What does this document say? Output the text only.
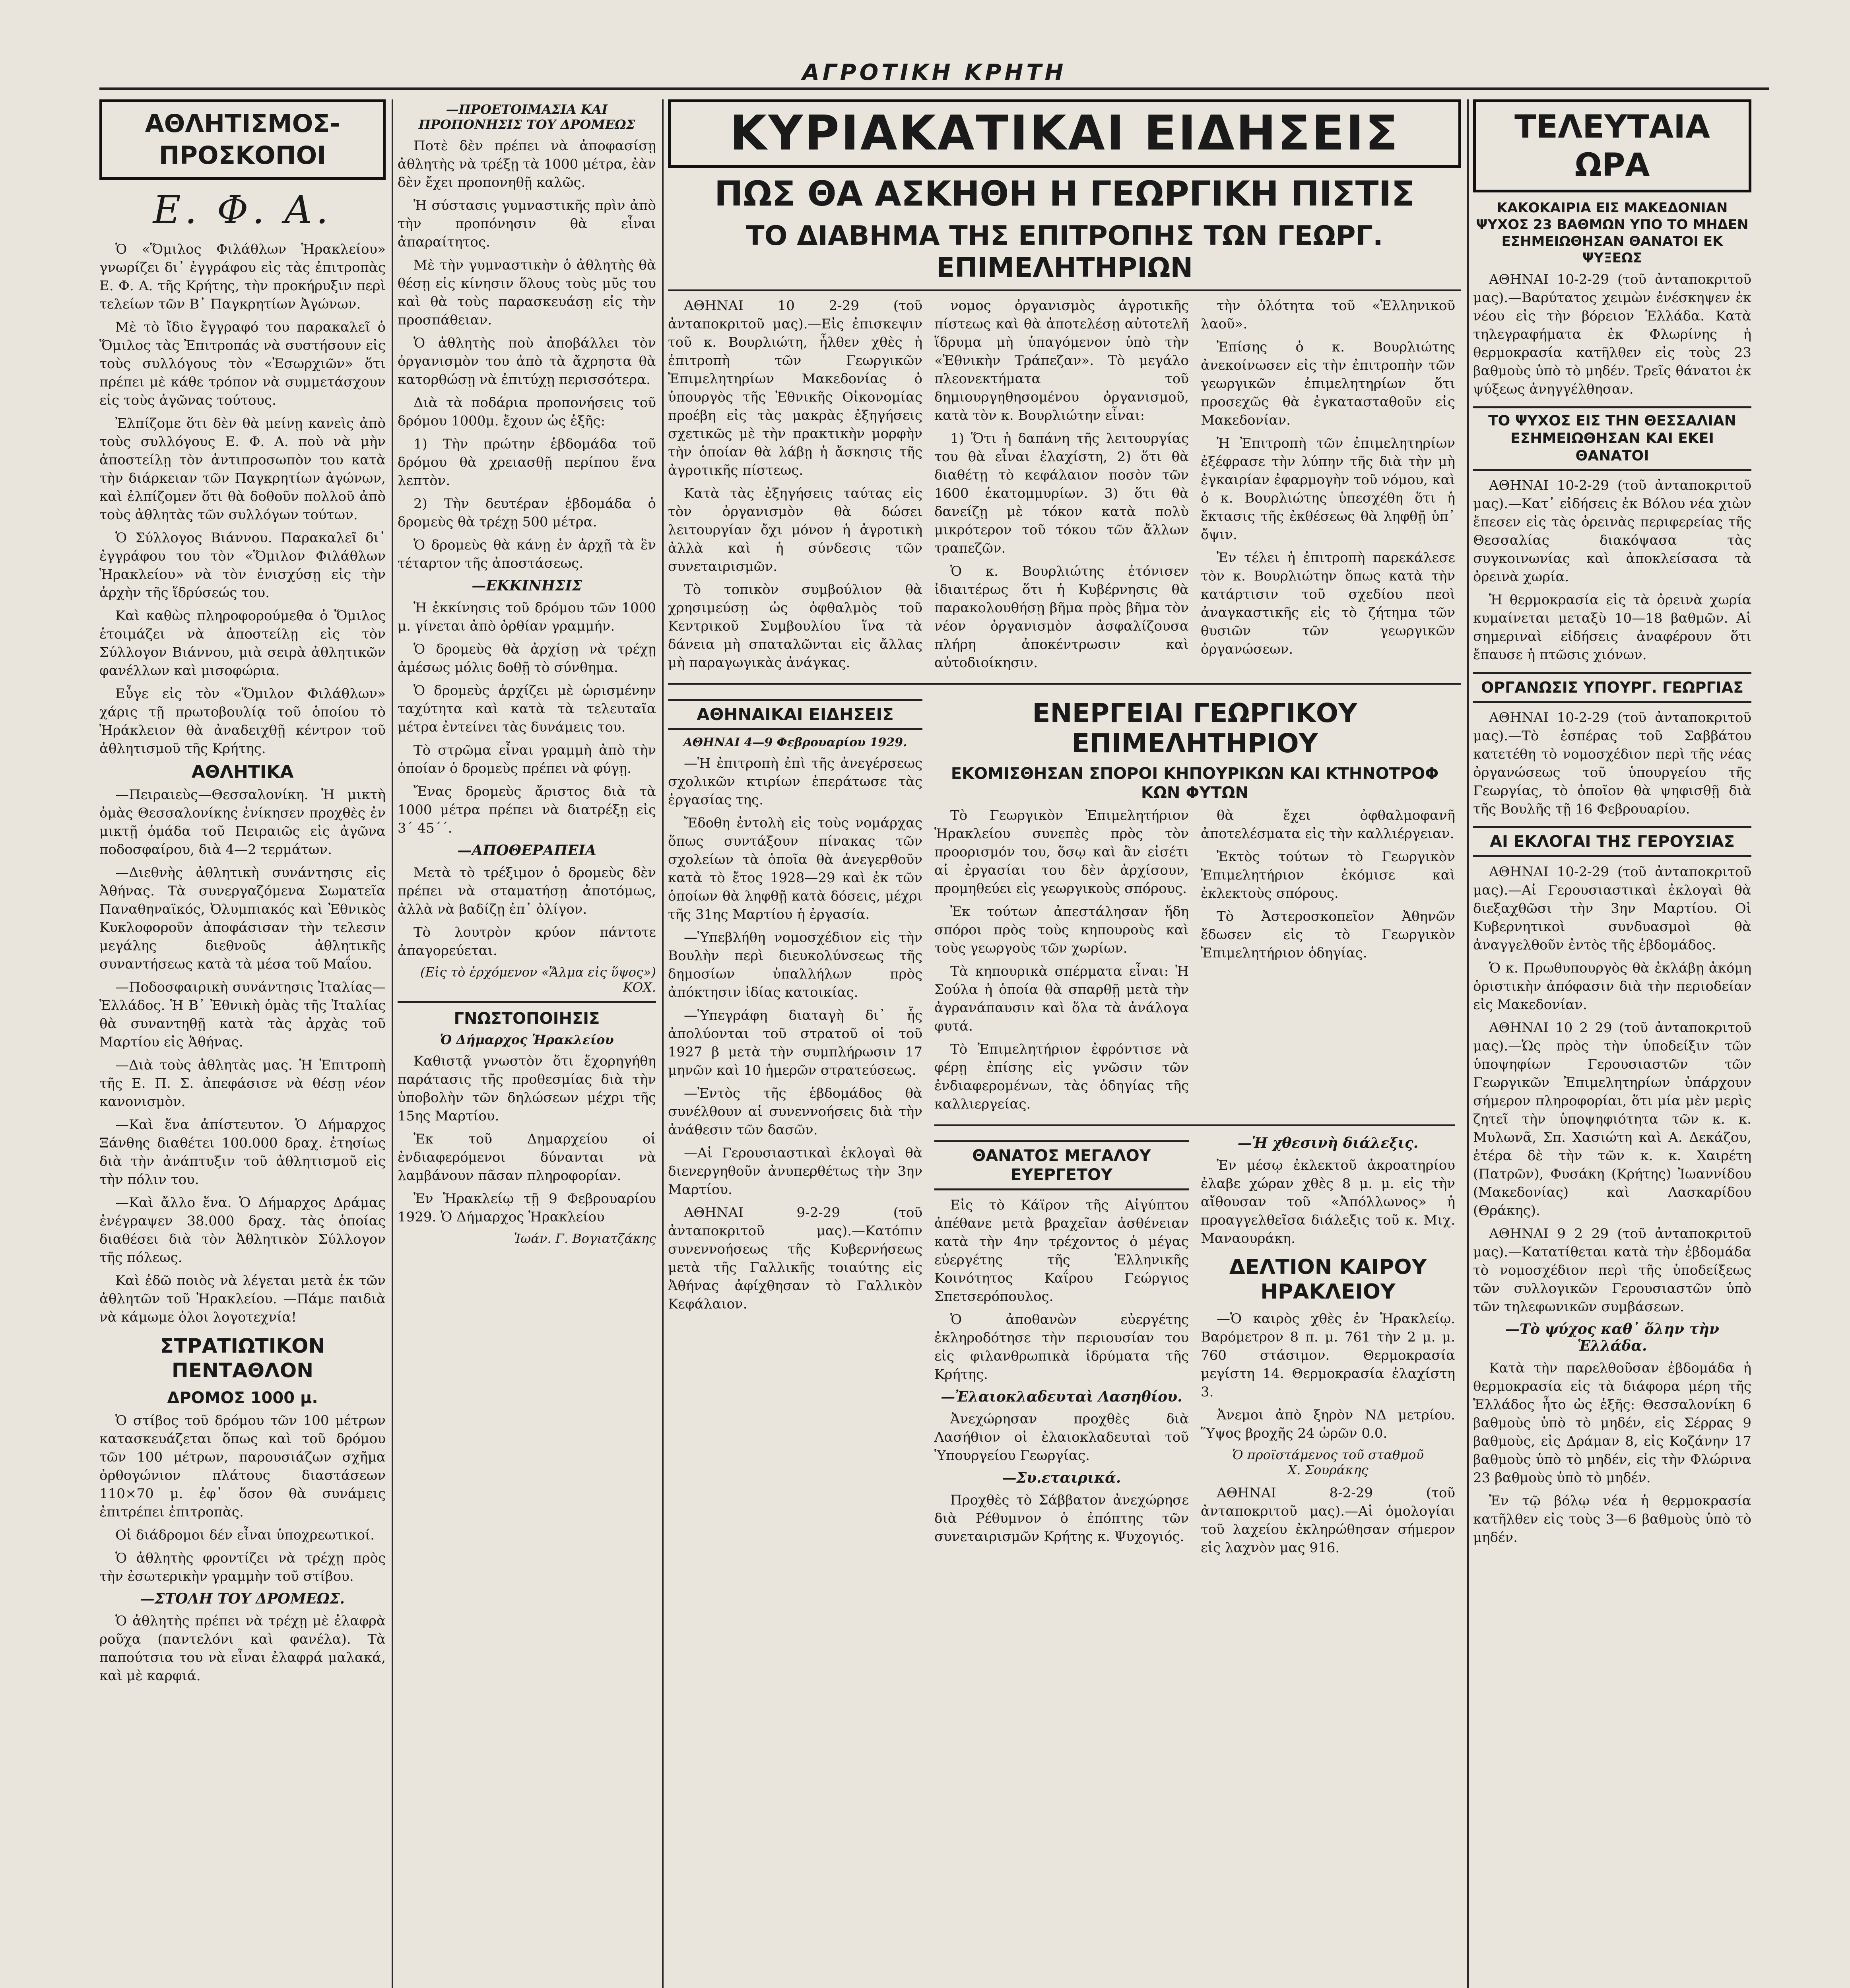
ΑΓΡΟΤΙΚΗ ΚΡΗΤΗ
ΑΘΛΗΤΙΣΜΟΣ-ΠΡΟΣΚΟΠΟΙ
Ε. Φ. Α.

Ὁ «Ὅμιλος Φιλάθλων Ἡρακλείου» γνωρίζει δι᾽ ἐγγράφου εἰς τὰς ἐπιτροπὰς Ε. Φ. Α. τῆς Κρήτης, τὴν προκήρυξιν περὶ τελείων τῶν Β᾽ Παγκρητίων Ἀγώνων.

Μὲ τὸ ἴδιο ἔγγραφό του παρακαλεῖ ὁ Ὅμιλος τὰς Ἐπιτροπάς νὰ συστήσουν εἰς τοὺς συλλόγους τὸν «Ἐσωρχιῶν» ὅτι πρέπει μὲ κάθε τρόπον νὰ συμμετάσχουν εἰς τοὺς ἀγῶνας τούτους.

Ἐλπίζομε ὅτι δὲν θὰ μείνῃ κανεὶς ἀπὸ τοὺς συλλόγους Ε. Φ. Α. ποὺ νὰ μὴν ἀποστείλῃ τὸν ἀντιπροσωπὸν του κατὰ τὴν διάρκειαν τῶν Παγκρητίων ἀγώνων, καὶ ἐλπίζομεν ὅτι θὰ δοθοῦν πολλοῦ ἀπὸ τοὺς ἀθλητὰς τῶν συλλόγων τούτων.

Ὁ Σύλλογος Βιάννου. Παρακαλεῖ δι᾽ ἐγγράφου του τὸν «Ὅμιλον Φιλάθλων Ἡρακλείου» νὰ τὸν ἐνισχύσῃ εἰς τὴν ἀρχὴν τῆς ἵδρύσεώς του.

Καὶ καθὼς πληροφορούμεθα ὁ Ὅμιλος ἑτοιμάζει νὰ ἀποστείλῃ εἰς τὸν Σύλλογον Βιάννου, μιὰ σειρὰ ἀθλητικῶν φανέλλων καὶ μισοφώρια.

Εὖγε εἰς τὸν «Ὅμιλον Φιλάθλων» χάρις τῇ πρωτοβουλίᾳ τοῦ ὁποίου τὸ Ἡράκλειον θὰ ἀναδειχθῇ κέντρον τοῦ ἀθλητισμοῦ τῆς Κρήτης.

ΑΘΛΗΤΙΚΑ

—Πειραιεὺς—Θεσσαλονίκη. Ἡ μικτὴ ὁμὰς Θεσσαλονίκης ἐνίκησεν προχθὲς ἐν μικτῇ ὁμάδα τοῦ Πειραιῶς εἰς ἀγῶνα ποδοσφαίρου, διὰ 4—2 τερμάτων.

—Διεθνὴς ἀθλητικὴ συνάντησις εἰς Ἀθήνας. Τὰ συνεργαζόμενα Σωματεῖα Παναθηναϊκός, Ὀλυμπιακός καὶ Ἐθνικὸς Κυκλοφοροῦν ἀποφάσισαν τὴν τελεσιν μεγάλης διεθνοῦς ἀθλητικῆς συναντήσεως κατὰ τὰ μέσα τοῦ Μαΐου.

—Ποδοσφαιρικὴ συνάντησις Ἰταλίας—Ἑλλάδος. Ἡ Β᾽ Ἐθνικὴ ὁμὰς τῆς Ἰταλίας θὰ συναντηθῇ κατὰ τὰς ἀρχὰς τοῦ Μαρτίου εἰς Ἀθήνας.

—Διὰ τοὺς ἀθλητὰς μας. Ἡ Ἐπιτροπὴ τῆς Ε. Π. Σ. ἀπεφάσισε νὰ θέσῃ νέον κανονισμὸν.

—Καὶ ἕνα ἀπίστευτον. Ὁ Δήμαρχος Ξάνθης διαθέτει 100.000 δραχ. ἐτησίως διὰ τὴν ἀνάπτυξιν τοῦ ἀθλητισμοῦ εἰς τὴν πόλιν του.

—Καὶ ἄλλο ἕνα. Ὁ Δήμαρχος Δράμας ἐνέγραψεν 38.000 δραχ. τὰς ὁποίας διαθέσει διὰ τὸν Ἀθλητικὸν Σύλλογον τῆς πόλεως.

Καὶ ἐδῶ ποιὸς νὰ λέγεται μετὰ ἐκ τῶν ἀθλητῶν τοῦ Ἡρακλείου. —Πάμε παιδιὰ νὰ κάμωμε ὁλοι λογοτεχνία!

ΣΤΡΑΤΙΩΤΙΚΟΝ ΠΕΝΤΑΘΛΟΝ
ΔΡΟΜΟΣ 1000 μ.

Ὁ στίβος τοῦ δρόμου τῶν 100 μέτρων κατασκευάζεται ὅπως καὶ τοῦ δρόμου τῶν 100 μέτρων, παρουσιάζων σχῆμα ὀρθογώνιον πλάτους διαστάσεων 110×70 μ. ἐφ᾽ ὅσον θὰ συνάμεις ἐπιτρέπει ἐπιτροπὰς.

Οἱ διάδρομοι δέν εἶναι ὑποχρεωτικοί.

Ὁ ἀθλητὴς φροντίζει νὰ τρέχῃ πρὸς τὴν ἐσωτερικὴν γραμμὴν τοῦ στίβου.

—ΣΤΟΛΗ ΤΟΥ ΔΡΟΜΕΩΣ.

Ὁ ἀθλητὴς πρέπει νὰ τρέχῃ μὲ ἐλαφρὰ ροῦχα (παντελόνι καὶ φανέλα). Τὰ παπούτσια του νὰ εἶναι ἐλαφρά μαλακά, καὶ μὲ καρφιά.

—ΠΡΟΕΤΟΙΜΑΣΙΑ ΚΑΙ ΠΡΟΠΟΝΗΣΙΣ ΤΟΥ ΔΡΟΜΕΩΣ

Ποτὲ δὲν πρέπει νὰ ἀποφασίσῃ ἀθλητὴς νὰ τρέξῃ τὰ 1000 μέτρα, ἐὰν δὲν ἔχει προπονηθῇ καλῶς.

Ἡ σύστασις γυμναστικῆς πρὶν ἀπὸ τὴν προπόνησιν θὰ εἶναι ἀπαραίτητος.

Μὲ τὴν γυμναστικὴν ὁ ἀθλητὴς θὰ θέσῃ εἰς κίνησιν ὅλους τοὺς μῦς του καὶ θὰ τοὺς παρασκευάσῃ εἰς τὴν προσπάθειαν.

Ὁ ἀθλητὴς ποὺ ἀποβάλλει τὸν ὀργανισμὸν του ἀπὸ τὰ ἄχρηστα θὰ κατορθώσῃ νὰ ἐπιτύχῃ περισσότερα.

Διὰ τὰ ποδάρια προπονήσεις τοῦ δρόμου 1000μ. ἔχουν ὡς ἑξῆς:

1) Τὴν πρώτην ἑβδομάδα τοῦ δρόμου θὰ χρειασθῇ περίπου ἕνα λεπτὸν.

2) Τὴν δευτέραν ἑβδομάδα ὁ δρομεὺς θὰ τρέχῃ 500 μέτρα.

Ὁ δρομεὺς θὰ κάνῃ ἐν ἀρχῇ τὰ ἓν τέταρτον τῆς ἀποστάσεως.

—ΕΚΚΙΝΗΣΙΣ

Ἡ ἐκκίνησις τοῦ δρόμου τῶν 1000 μ. γίνεται ἀπὸ ὀρθίαν γραμμήν.

Ὁ δρομεὺς θὰ ἀρχίσῃ νὰ τρέχῃ ἀμέσως μόλις δοθῇ τὸ σύνθημα.

Ὁ δρομεὺς ἀρχίζει μὲ ὡρισμένην ταχύτητα καὶ κατὰ τὰ τελευταῖα μέτρα ἐντείνει τὰς δυνάμεις του.

Τὸ στρῶμα εἶναι γραμμὴ ἀπὸ τὴν ὁποίαν ὁ δρομεὺς πρέπει νὰ φύγῃ.

Ἔνας δρομεὺς ἄριστος διὰ τὰ 1000 μέτρα πρέπει νὰ διατρέξῃ εἰς 3΄ 45΄΄.

—ΑΠΟΘΕΡΑΠΕΙΑ

Μετὰ τὸ τρέξιμον ὁ δρομεὺς δὲν πρέπει νὰ σταματήσῃ ἀποτόμως, ἀλλὰ νὰ βαδίζῃ ἐπ᾽ ὀλίγον.

Τὸ λουτρὸν κρύον πάντοτε ἀπαγορεύεται.

(Εἰς τὸ ἐρχόμενον «Ἅλμα εἰς ὕψος») ΚΟΧ.
ΓΝΩΣΤΟΠΟΙΗΣΙΣ
Ὁ Δήμαρχος Ἡρακλείου

Καθιστᾷ γνωστὸν ὅτι ἔχορηγήθη παράτασις τῆς προθεσμίας διὰ τὴν ὑποβολὴν τῶν δηλώσεων μέχρι τῆς 15ης Μαρτίου.

Ἐκ τοῦ Δημαρχείου οἱ ἐνδιαφερόμενοι δύνανται νὰ λαμβάνουν πᾶσαν πληροφορίαν.

Ἐν Ἡρακλείῳ τῇ 9 Φεβρουαρίου 1929. Ὁ Δήμαρχος Ἡρακλείου

Ἰωάν. Γ. Βογιατζάκης
ΚΥΡΙΑΚΑΤΙΚΑΙ ΕΙΔΗΣΕΙΣ
ΠΩΣ ΘΑ ΑΣΚΗΘΗ Η ΓΕΩΡΓΙΚΗ ΠΙΣΤΙΣ
ΤΟ ΔΙΑΒΗΜΑ ΤΗΣ ΕΠΙΤΡΟΠΗΣ ΤΩΝ ΓΕΩΡΓ. ΕΠΙΜΕΛΗΤΗΡΙΩΝ

ΑΘΗΝΑΙ 10 2-29 (τοῦ ἀνταποκριτοῦ μας).—Εἰς ἐπισκεψιν τοῦ κ. Βουρλιώτη, ἦλθεν χθὲς ἡ ἐπιτροπὴ τῶν Γεωργικῶν Ἐπιμελητηρίων Μακεδονίας ὁ ὑπουργὸς τῆς Ἐθνικῆς Οἰκονομίας προέβη εἰς τὰς μακρὰς ἐξηγήσεις σχετικῶς μὲ τὴν πρακτικὴν μορφὴν τὴν ὁποίαν θὰ λάβῃ ἡ ἄσκησις τῆς ἀγροτικῆς πίστεως.

Κατὰ τὰς ἐξηγήσεις ταύτας εἰς τὸν ὀργανισμὸν θὰ δώσει λειτουργίαν ὄχι μόνον ἡ ἀγροτικὴ ἀλλὰ καὶ ἡ σύνδεσις τῶν συνεταιρισμῶν.

Τὸ τοπικὸν συμβούλιον θὰ χρησιμεύσῃ ὡς ὀφθαλμὸς τοῦ Κεντρικοῦ Συμβουλίου ἵνα τὰ δάνεια μὴ σπαταλῶνται εἰς ἄλλας μὴ παραγωγικὰς ἀνάγκας.

νομος ὀργανισμὸς ἀγροτικῆς πίστεως καὶ θὰ ἀποτελέσῃ αὐτοτελῆ ἵδρυμα μὴ ὑπαγόμενον ὑπὸ τὴν «Ἐθνικὴν Τράπεζαν». Τὸ μεγάλο πλεονεκτήματα τοῦ δημιουργηθησομένου ὀργανισμοῦ, κατὰ τὸν κ. Βουρλιώτην εἶναι:

1) Ὅτι ἡ δαπάνη τῆς λειτουργίας του θὰ εἶναι ἐλαχίστη, 2) ὅτι θὰ διαθέτῃ τὸ κεφάλαιον ποσὸν τῶν 1600 ἑκατομμυρίων. 3) ὅτι θὰ δανείζῃ μὲ τόκον κατὰ πολὺ μικρότερον τοῦ τόκου τῶν ἄλλων τραπεζῶν.

Ὁ κ. Βουρλιώτης ἐτόνισεν ἰδιαιτέρως ὅτι ἡ Κυβέρνησις θὰ παρακολουθήσῃ βῆμα πρὸς βῆμα τὸν νέον ὀργανισμὸν ἀσφαλίζουσα πλήρη ἀποκέντρωσιν καὶ αὐτοδιοίκησιν.

τὴν ὁλότητα τοῦ «Ἑλληνικοῦ λαοῦ».

Ἐπίσης ὁ κ. Βουρλιώτης ἀνεκοίνωσεν εἰς τὴν ἐπιτροπὴν τῶν γεωργικῶν ἐπιμελητηρίων ὅτι προσεχῶς θὰ ἐγκατασταθοῦν εἰς Μακεδονίαν.

Ἡ Ἐπιτροπὴ τῶν ἐπιμελητηρίων ἐξέφρασε τὴν λύπην τῆς διὰ τὴν μὴ ἐγκαιρίαν ἐφαρμογὴν τοῦ νόμου, καὶ ὁ κ. Βουρλιώτης ὑπεσχέθη ὅτι ἡ ἔκτασις τῆς ἐκθέσεως θὰ ληφθῇ ὑπ᾽ ὄψιν.

Ἐν τέλει ἡ ἐπιτροπὴ παρεκάλεσε τὸν κ. Βουρλιώτην ὅπως κατὰ τὴν κατάρτισιν τοῦ σχεδίου πεοὶ ἀναγκαστικῆς εἰς τὸ ζήτημα τῶν θυσιῶν τῶν γεωργικῶν ὀργανώσεων.

ΑΘΗΝΑΙΚΑΙ ΕΙΔΗΣΕΙΣ
ΑΘΗΝΑΙ 4—9 Φεβρουαρίου 1929.

—Ἡ ἐπιτροπὴ ἐπὶ τῆς ἀνεγέρσεως σχολικῶν κτιρίων ἐπεράτωσε τὰς ἐργασίας της.

Ἔδοθη ἐντολὴ εἰς τοὺς νομάρχας ὅπως συντάξουν πίνακας τῶν σχολείων τὰ ὁποῖα θὰ ἀνεγερθοῦν κατὰ τὸ ἔτος 1928—29 καὶ ἐκ τῶν ὁποίων θὰ ληφθῇ κατὰ δόσεις, μέχρι τῆς 31ης Μαρτίου ἡ ἐργασία.

—Ὑπεβλήθη νομοσχέδιον εἰς τὴν Βουλὴν περὶ διευκολύνσεως τῆς δημοσίων ὑπαλλήλων πρὸς ἀπόκτησιν ἰδίας κατοικίας.

—Ὑπεγράφη διαταγὴ δι᾽ ἧς ἀπολύονται τοῦ στρατοῦ οἱ τοῦ 1927 β μετὰ τὴν συμπλήρωσιν 17 μηνῶν καὶ 10 ἡμερῶν στρατεύσεως.

—Ἐντὸς τῆς ἑβδομάδος θὰ συνέλθουν αἱ συνεννοήσεις διὰ τὴν ἀνάθεσιν τῶν δασῶν.

—Αἱ Γερουσιαστικαὶ ἐκλογαὶ θὰ διενεργηθοῦν ἀνυπερθέτως τὴν 3ην Μαρτίου.

ΑΘΗΝΑΙ 9-2-29 (τοῦ ἀνταποκριτοῦ μας).—Κατόπιν συνεννοήσεως τῆς Κυβερνήσεως μετὰ τῆς Γαλλικῆς τοιαύτης εἰς Ἀθήνας ἀφίχθησαν τὸ Γαλλικὸν Κεφάλαιον.

ΕΝΕΡΓΕΙΑΙ ΓΕΩΡΓΙΚΟΥ ΕΠΙΜΕΛΗΤΗΡΙΟΥ
ΕΚΟΜΙΣΘΗΣΑΝ ΣΠΟΡΟΙ ΚΗΠΟΥΡΙΚΩΝ ΚΑΙ ΚΤΗΝΟΤΡΟΦ ΚΩΝ ΦΥΤΩΝ

Τὸ Γεωργικὸν Ἐπιμελητήριον Ἡρακλείου συνεπὲς πρὸς τὸν προορισμόν του, ὅσῳ καὶ ἂν εἰσέτι αἱ ἐργασίαι του δὲν ἀρχίσουν, προμηθεύει εἰς γεωργικοὺς σπόρους.

Ἐκ τούτων ἀπεστάλησαν ἤδη σπόροι πρὸς τοὺς κηπουροὺς καὶ τοὺς γεωργοὺς τῶν χωρίων.

Τὰ κηπουρικὰ σπέρματα εἶναι: Ἡ Σούλα ἡ ὁποία θὰ σπαρθῇ μετὰ τὴν ἀγρανάπαυσιν καὶ ὅλα τὰ ἀνάλογα φυτά.

Τὸ Ἐπιμελητήριον ἐφρόντισε νὰ φέρῃ ἐπίσης εἰς γνῶσιν τῶν ἐνδιαφερομένων, τὰς ὁδηγίας τῆς καλλιεργείας.

θὰ ἔχει ὀφθαλμοφανῆ ἀποτελέσματα εἰς τὴν καλλιέργειαν.

Ἐκτὸς τούτων τὸ Γεωργικὸν Ἐπιμελητήριον ἐκόμισε καὶ ἐκλεκτοὺς σπόρους.

Τὸ Ἀστεροσκοπεῖον Ἀθηνῶν ἔδωσεν εἰς τὸ Γεωργικὸν Ἐπιμελητήριον ὁδηγίας.

ΘΑΝΑΤΟΣ ΜΕΓΑΛΟΥ ΕΥΕΡΓΕΤΟΥ

Εἰς τὸ Κάϊρον τῆς Αἰγύπτου ἀπέθανε μετὰ βραχεῖαν ἀσθένειαν κατὰ τὴν 4ην τρέχοντος ὁ μέγας εὐεργέτης τῆς Ἑλληνικῆς Κοινότητος Καΐρου Γεώργιος Σπετσερόπουλος.

Ὁ ἀποθανὼν εὐεργέτης ἐκληροδότησε τὴν περιουσίαν του εἰς φιλανθρωπικὰ ἱδρύματα τῆς Κρήτης.

—Ἐλαιοκλαδευταὶ Λασηθίου.

Ἀνεχώρησαν προχθὲς διὰ Λασήθιον οἱ ἐλαιοκλαδευταὶ τοῦ Ὑπουργείου Γεωργίας.

—Συ.εταιρικά.

Προχθὲς τὸ Σάββατον ἀνεχώρησε διὰ Ρέθυμνον ὁ ἐπόπτης τῶν συνεταιρισμῶν Κρήτης κ. Ψυχογιός.

—Ἡ χθεσινὴ διάλεξις.

Ἐν μέσῳ ἐκλεκτοῦ ἀκροατηρίου ἐλαβε χώραν χθὲς 8 μ. μ. εἰς τὴν αἴθουσαν τοῦ «Ἀπόλλωνος» ἡ προαγγελθεῖσα διάλεξις τοῦ κ. Μιχ. Μαναουράκη.

ΔΕΛΤΙΟΝ ΚΑΙΡΟΥ ΗΡΑΚΛΕΙΟΥ

—Ὁ καιρὸς χθὲς ἐν Ἡρακλείῳ. Βαρόμετρον 8 π. μ. 761 τὴν 2 μ. μ. 760 στάσιμον. Θερμοκρασία μεγίστη 14. Θερμοκρασία ἐλαχίστη 3.

Ἀνεμοι ἀπὸ ξηρὸν ΝΔ μετρίου. Ὕψος βροχῆς 24 ὡρῶν 0.0.

Ὁ προϊστάμενος τοῦ σταθμοῦ
Χ. Σουράκης

ΑΘΗΝΑΙ 8-2-29 (τοῦ ἀνταποκριτοῦ μας).—Αἱ ὁμολογίαι τοῦ λαχείου ἐκληρώθησαν σήμερον εἰς λαχνὸν μας 916.

ΤΕΛΕΥΤΑΙΑ ΩΡΑ
ΚΑΚΟΚΑΙΡΙΑ ΕΙΣ ΜΑΚΕΔΟΝΙΑΝ
ΨΥΧΟΣ 23 ΒΑΘΜΩΝ ΥΠΟ ΤΟ ΜΗΔΕΝ
ΕΣΗΜΕΙΩΘΗΣΑΝ ΘΑΝΑΤΟΙ ΕΚ ΨΥΞΕΩΣ

ΑΘΗΝΑΙ 10-2-29 (τοῦ ἀνταποκριτοῦ μας).—Βαρύτατος χειμὼν ἐνέσκηψεν ἐκ νέου εἰς τὴν βόρειον Ἑλλάδα. Κατὰ τηλεγραφήματα ἐκ Φλωρίνης ἡ θερμοκρασία κατῆλθεν εἰς τοὺς 23 βαθμοὺς ὑπὸ τὸ μηδέν. Τρεῖς θάνατοι ἐκ ψύξεως ἀνηγγέλθησαν.

ΤΟ ΨΥΧΟΣ ΕΙΣ ΤΗΝ ΘΕΣΣΑΛΙΑΝ
ΕΣΗΜΕΙΩΘΗΣΑΝ ΚΑΙ ΕΚΕΙ ΘΑΝΑΤΟΙ

ΑΘΗΝΑΙ 10-2-29 (τοῦ ἀνταποκριτοῦ μας).—Κατ᾽ εἰδήσεις ἐκ Βόλου νέα χιὼν ἔπεσεν εἰς τὰς ὀρεινὰς περιφερείας τῆς Θεσσαλίας διακόψασα τὰς συγκοινωνίας καὶ ἀποκλείσασα τὰ ὀρεινὰ χωρία.

Ἡ θερμοκρασία εἰς τὰ ὀρεινὰ χωρία κυμαίνεται μεταξὺ 10—18 βαθμῶν. Αἱ σημεριναὶ εἰδήσεις ἀναφέρουν ὅτι ἔπαυσε ἡ πτῶσις χιόνων.

ΟΡΓΑΝΩΣΙΣ ΥΠΟΥΡΓ. ΓΕΩΡΓΙΑΣ

ΑΘΗΝΑΙ 10-2-29 (τοῦ ἀνταποκριτοῦ μας).—Τὸ ἐσπέρας τοῦ Σαββάτου κατετέθη τὸ νομοσχέδιον περὶ τῆς νέας ὀργανώσεως τοῦ ὑπουργείου τῆς Γεωργίας, τὸ ὁποῖον θὰ ψηφισθῇ διὰ τῆς Βουλῆς τῇ 16 Φεβρουαρίου.

ΑΙ ΕΚΛΟΓΑΙ ΤΗΣ ΓΕΡΟΥΣΙΑΣ

ΑΘΗΝΑΙ 10-2-29 (τοῦ ἀνταποκριτοῦ μας).—Αἱ Γερουσιαστικαὶ ἐκλογαὶ θὰ διεξαχθῶσι τὴν 3ην Μαρτίου. Οἱ Κυβερνητικοὶ συνδυασμοὶ θὰ ἀναγγελθοῦν ἐντὸς τῆς ἐβδομάδος.

Ὁ κ. Πρωθυπουργὸς θὰ ἐκλάβῃ ἀκόμη ὁριστικὴν ἀπόφασιν διὰ τὴν περιοδείαν εἰς Μακεδονίαν.

ΑΘΗΝΑΙ 10 2 29 (τοῦ ἀνταποκριτοῦ μας).—Ὡς πρὸς τὴν ὑποδείξιν τῶν ὑποψηφίων Γερουσιαστῶν τῶν Γεωργικῶν Ἐπιμελητηρίων ὑπάρχουν σήμερον πληροφορίαι, ὅτι μία μὲν μερὶς ζητεῖ τὴν ὑποψηφιότητα τῶν κ. κ. Μυλωνᾶ, Σπ. Χασιώτη καὶ Α. Δεκάζου, ἑτέρα δὲ τὴν τῶν κ. κ. Χαιρέτη (Πατρῶν), Φυσάκη (Κρήτης) Ἰωαννίδου (Μακεδονίας) καὶ Λασκαρίδου (Θράκης).

ΑΘΗΝΑΙ 9 2 29 (τοῦ ἀνταποκριτοῦ μας).—Κατατίθεται κατὰ τὴν ἐβδομάδα τὸ νομοσχέδιον περὶ τῆς ὑποδείξεως τῶν συλλογικῶν Γερουσιαστῶν ὑπὸ τῶν τηλεφωνικῶν συμβάσεων.

—Τὸ ψύχος καθ᾽ ὅλην τὴν Ἑλλάδα.

Κατὰ τὴν παρελθοῦσαν ἑβδομάδα ἡ θερμοκρασία εἰς τὰ διάφορα μέρη τῆς Ἑλλάδος ἦτο ὡς ἑξῆς: Θεσσαλονίκη 6 βαθμοὺς ὑπὸ τὸ μηδέν, εἰς Σέρρας 9 βαθμοὺς, εἰς Δράμαν 8, εἰς Κοζάνην 17 βαθμοὺς ὑπὸ τὸ μηδέν, εἰς τὴν Φλώρινα 23 βαθμοὺς ὑπὸ τὸ μηδέν.

Ἐν τῷ βόλῳ νέα ἡ θερμοκρασία κατῆλθεν εἰς τοὺς 3—6 βαθμοὺς ὑπὸ τὸ μηδέν.
